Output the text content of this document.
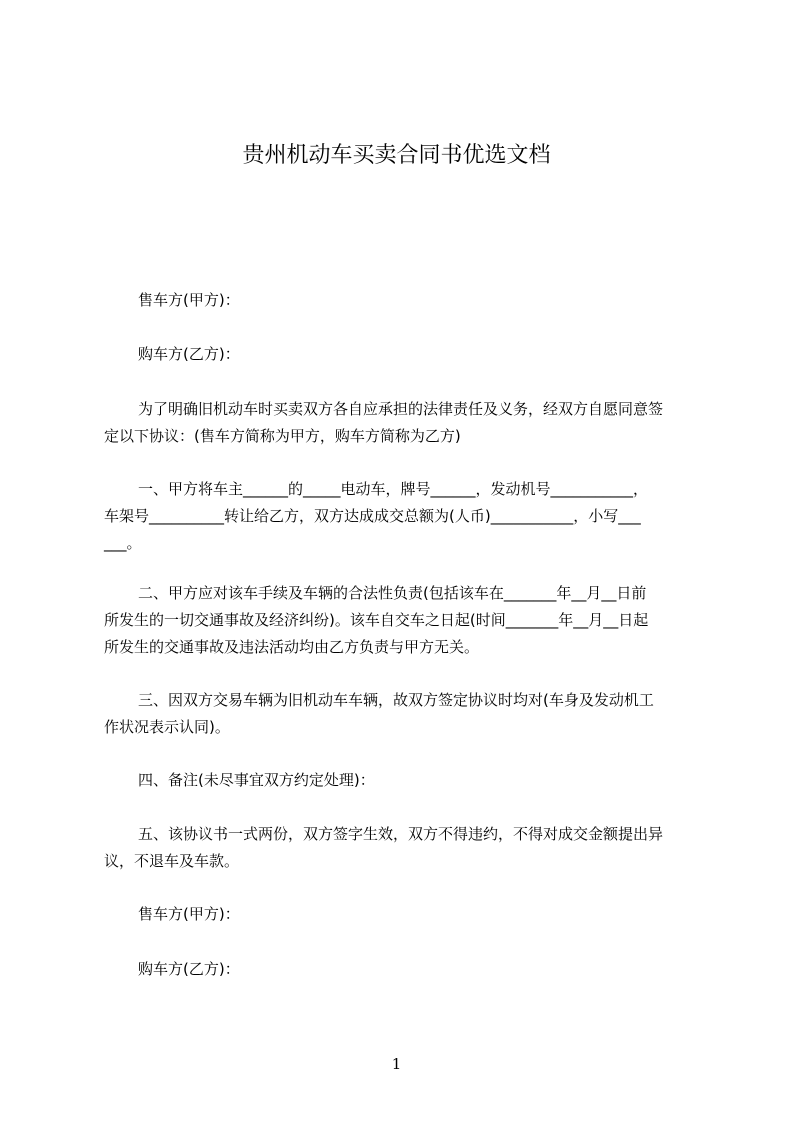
贵州机动车买卖合同书优选文档
售车方(甲方)：
购车方(乙方)：
为了明确旧机动车时买卖双方各自应承担的法律责任及义务，经双方自愿同意签
定以下协议：(售车方简称为甲方，购车方简称为乙方)
一、甲方将车主______的_____电动车，牌号______，发动机号___________，
车架号__________转让给乙方，双方达成成交总额为(人币)___________，小写___
___。
二、甲方应对该车手续及车辆的合法性负责(包括该车在_______年__月__日前
所发生的一切交通事故及经济纠纷)。该车自交车之日起(时间_______年__月__日起
所发生的交通事故及违法活动均由乙方负责与甲方无关。
三、因双方交易车辆为旧机动车车辆，故双方签定协议时均对(车身及发动机工
作状况表示认同)。
四、备注(未尽事宜双方约定处理)：
五、该协议书一式两份，双方签字生效，双方不得违约，不得对成交金额提出异
议，不退车及车款。
售车方(甲方)：
购车方(乙方)：
1
